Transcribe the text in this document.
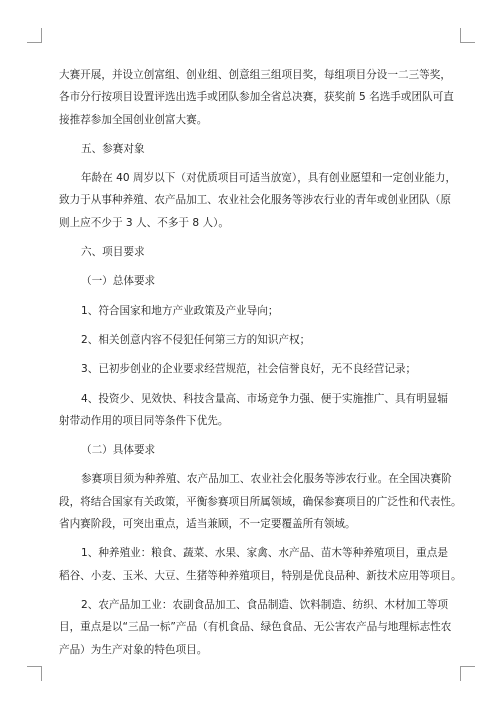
大赛开展，并设立创富组、创业组、创意组三组项目奖，每组项目分设一二三等奖，
各市分行按项目设置评选出选手或团队参加全省总决赛，获奖前 5 名选手或团队可直
接推荐参加全国创业创富大赛。
五、参赛对象
年龄在 40 周岁以下（对优质项目可适当放宽），具有创业愿望和一定创业能力，
致力于从事种养殖、农产品加工、农业社会化服务等涉农行业的青年或创业团队（原
则上应不少于 3 人、不多于 8 人）。
六、项目要求
（一）总体要求
1、符合国家和地方产业政策及产业导向；
2、相关创意内容不侵犯任何第三方的知识产权；
3、已初步创业的企业要求经营规范，社会信誉良好，无不良经营记录；
4、投资少、见效快、科技含量高、市场竞争力强、便于实施推广、具有明显辐
射带动作用的项目同等条件下优先。
（二）具体要求
参赛项目须为种养殖、农产品加工、农业社会化服务等涉农行业。在全国决赛阶
段，将结合国家有关政策，平衡参赛项目所属领域，确保参赛项目的广泛性和代表性。
省内赛阶段，可突出重点，适当兼顾，不一定要覆盖所有领域。
1、种养殖业：粮食、蔬菜、水果、家禽、水产品、苗木等种养殖项目，重点是
稻谷、小麦、玉米、大豆、生猪等种养殖项目，特别是优良品种、新技术应用等项目。
2、农产品加工业：农副食品加工、食品制造、饮料制造、纺织、木材加工等项
目，重点是以“三品一标”产品（有机食品、绿色食品、无公害农产品与地理标志性农
产品）为生产对象的特色项目。
